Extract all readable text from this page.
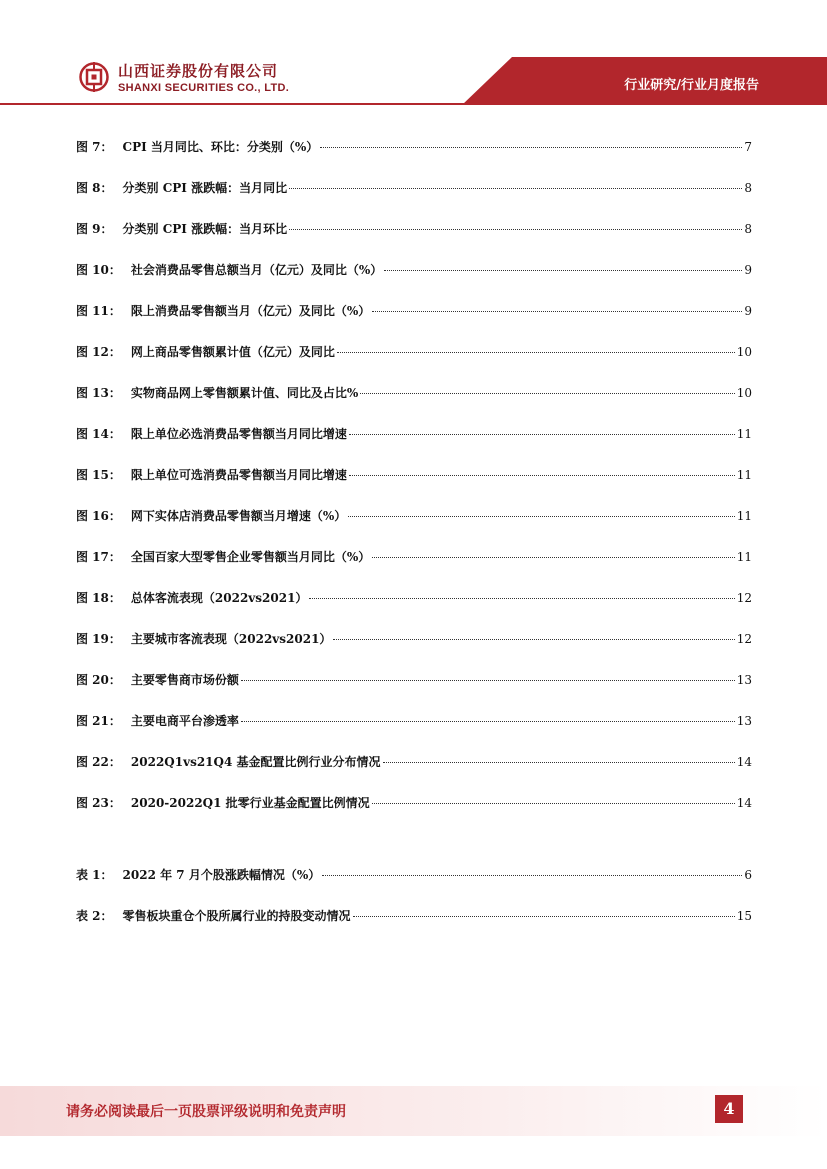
山西证券股份有限公司
SHANXI SECURITIES CO., LTD.	行业研究/行业月度报告
图 7： CPI 当月同比、环比：分类别（%）	7
图 8： 分类别 CPI 涨跌幅：当月同比	8
图 9： 分类别 CPI 涨跌幅：当月环比	8
图 10： 社会消费品零售总额当月（亿元）及同比（%）	9
图 11： 限上消费品零售额当月（亿元）及同比（%）	9
图 12： 网上商品零售额累计值（亿元）及同比	10
图 13： 实物商品网上零售额累计值、同比及占比%	10
图 14： 限上单位必选消费品零售额当月同比增速	11
图 15： 限上单位可选消费品零售额当月同比增速	11
图 16： 网下实体店消费品零售额当月增速（%）	11
图 17： 全国百家大型零售企业零售额当月同比（%）	11
图 18： 总体客流表现（2022vs2021）	12
图 19： 主要城市客流表现（2022vs2021）	12
图 20： 主要零售商市场份额	13
图 21： 主要电商平台渗透率	13
图 22： 2022Q1vs21Q4 基金配置比例行业分布情况	14
图 23： 2020-2022Q1 批零行业基金配置比例情况	14
表 1： 2022 年 7 月个股涨跌幅情况（%）	6
表 2： 零售板块重仓个股所属行业的持股变动情况	15
请务必阅读最后一页股票评级说明和免责声明	4
